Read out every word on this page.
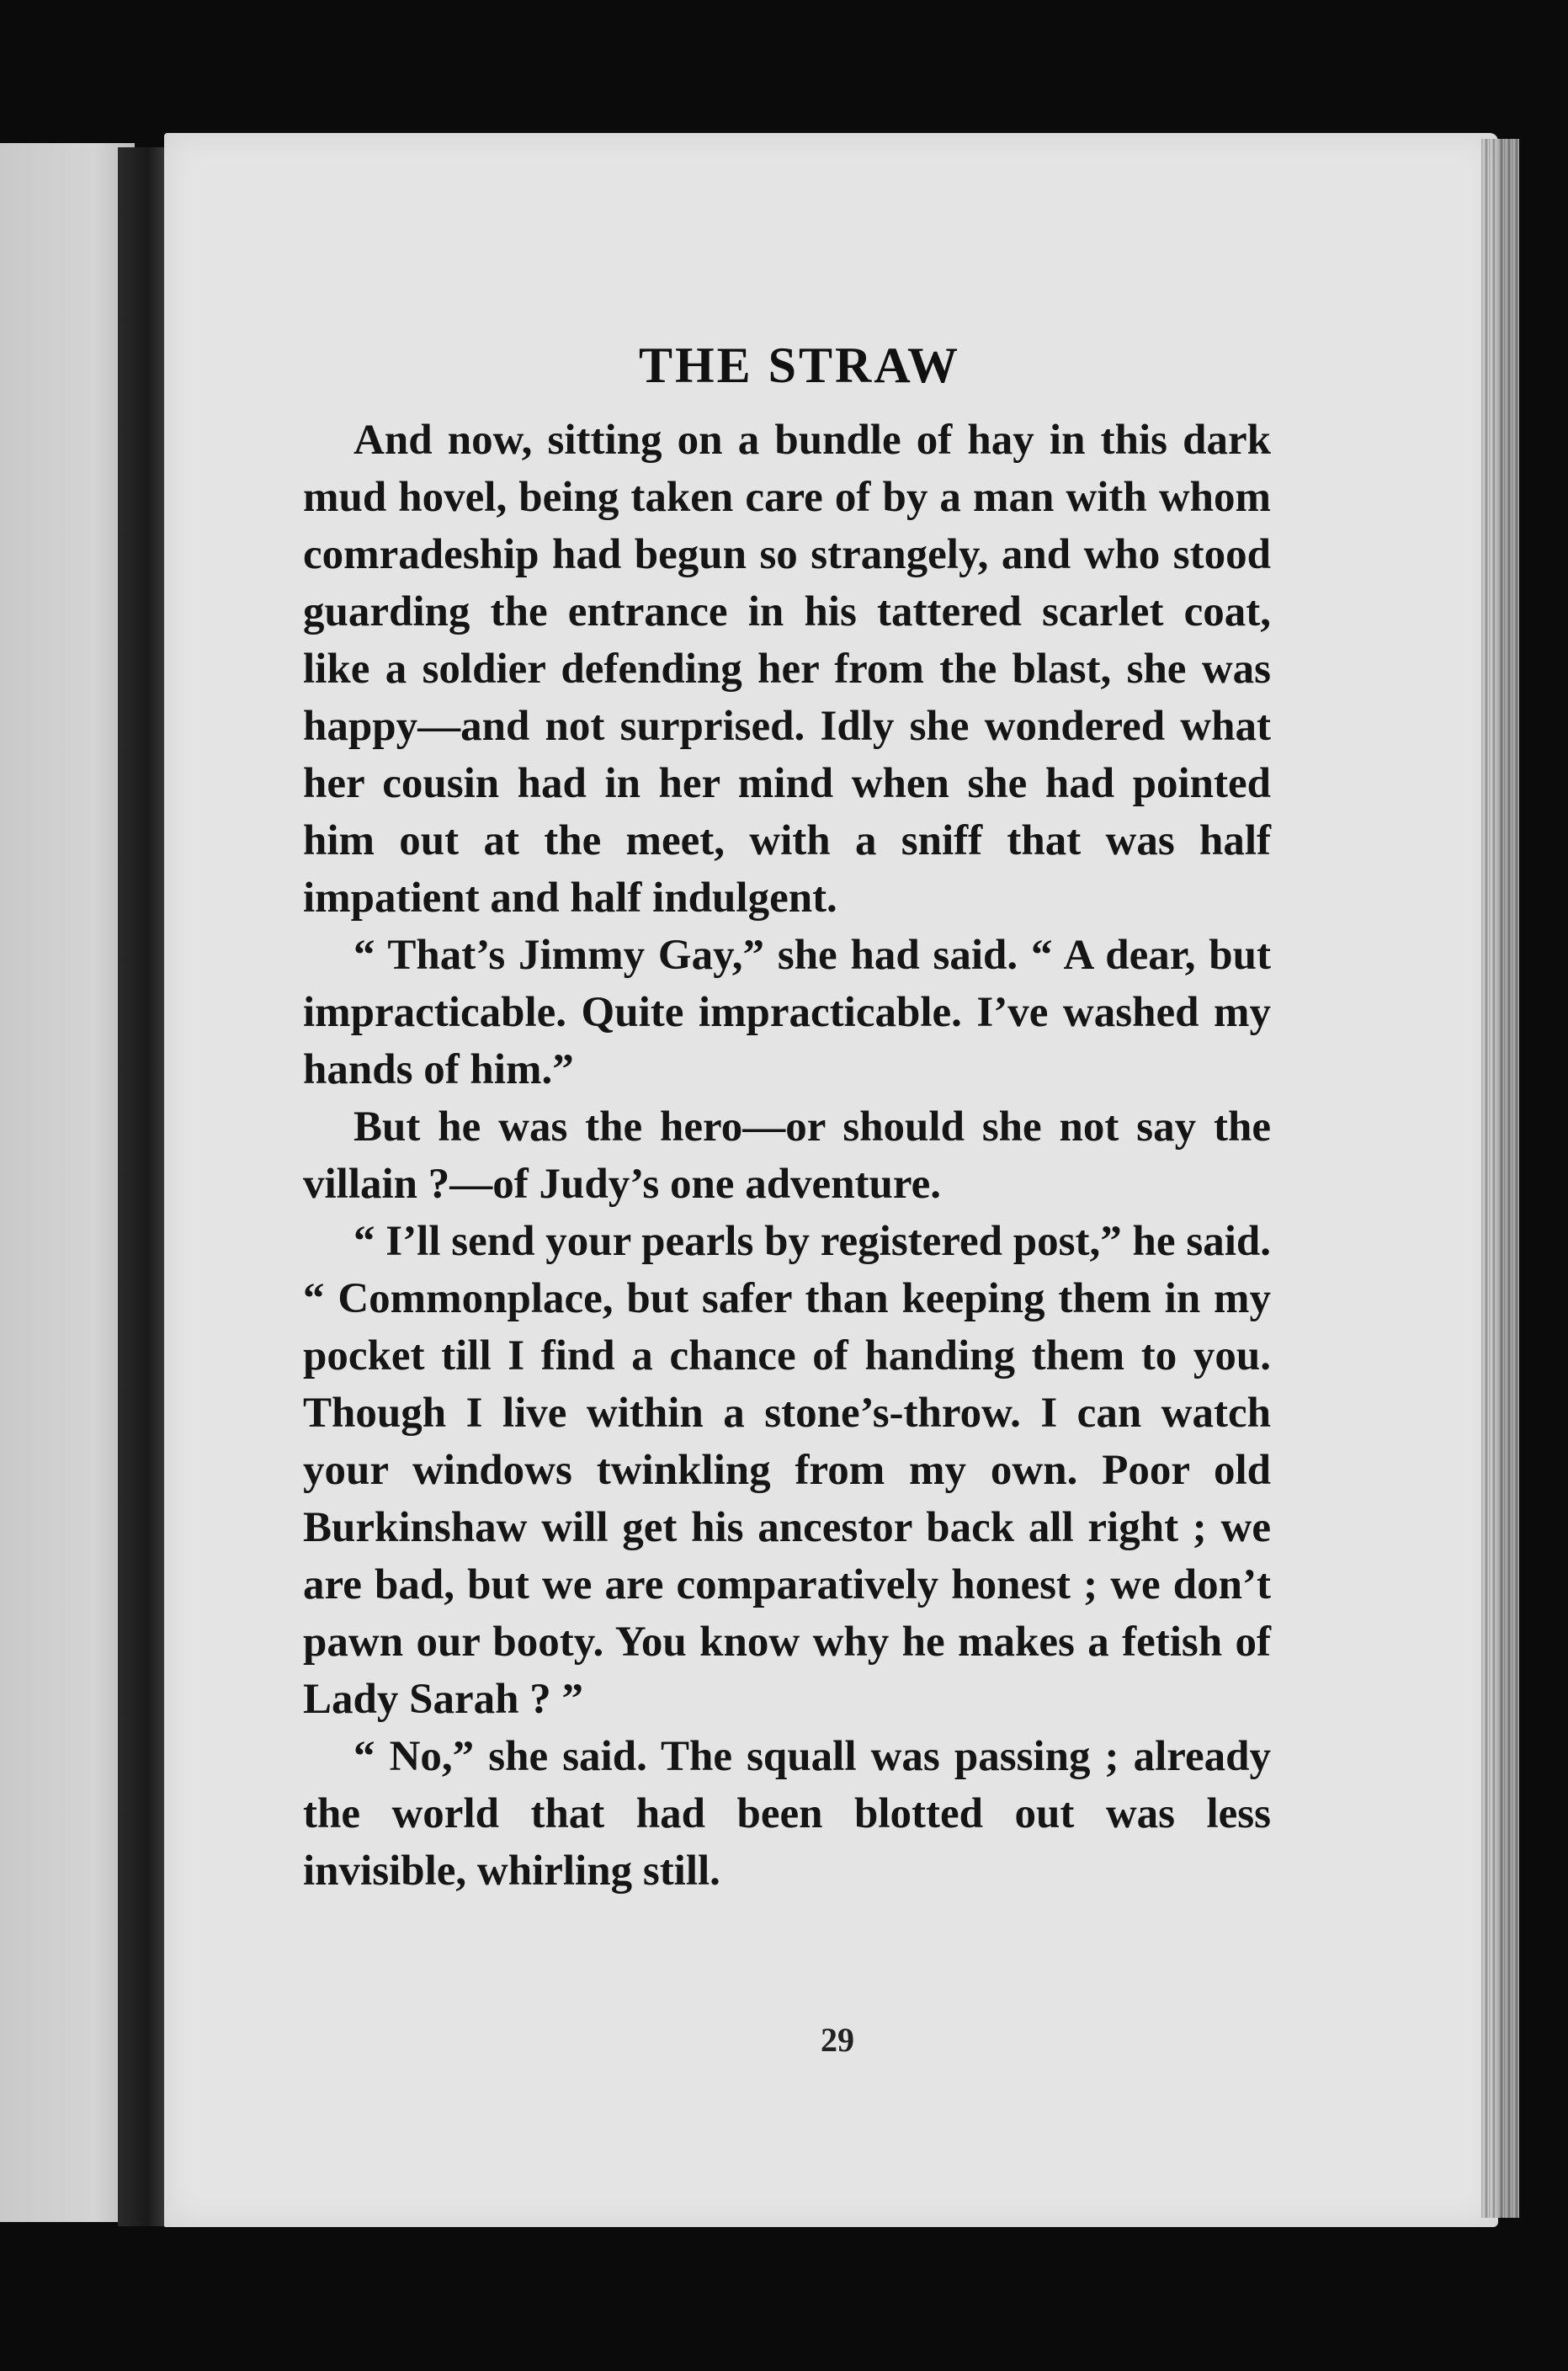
THE STRAW

And now, sitting on a bundle of hay in this dark mud hovel, being taken care of by a man with whom comradeship had begun so strangely, and who stood guarding the entrance in his tattered scarlet coat, like a soldier defending her from the blast, she was happy—and not surprised. Idly she wondered what her cousin had in her mind when she had pointed him out at the meet, with a sniff that was half impatient and half indulgent.

“ That’s Jimmy Gay,” she had said. “ A dear, but impracticable. Quite impracticable. I’ve washed my hands of him.”

But he was the hero—or should she not say the villain ?—of Judy’s one adventure.

“ I’ll send your pearls by registered post,” he said. “ Commonplace, but safer than keeping them in my pocket till I find a chance of handing them to you. Though I live within a stone’s-throw. I can watch your windows twinkling from my own. Poor old Burkinshaw will get his ancestor back all right ; we are bad, but we are comparatively honest ; we don’t pawn our booty. You know why he makes a fetish of Lady Sarah ? ”

“ No,” she said. The squall was passing ; already the world that had been blotted out was less invisible, whirling still.

29
